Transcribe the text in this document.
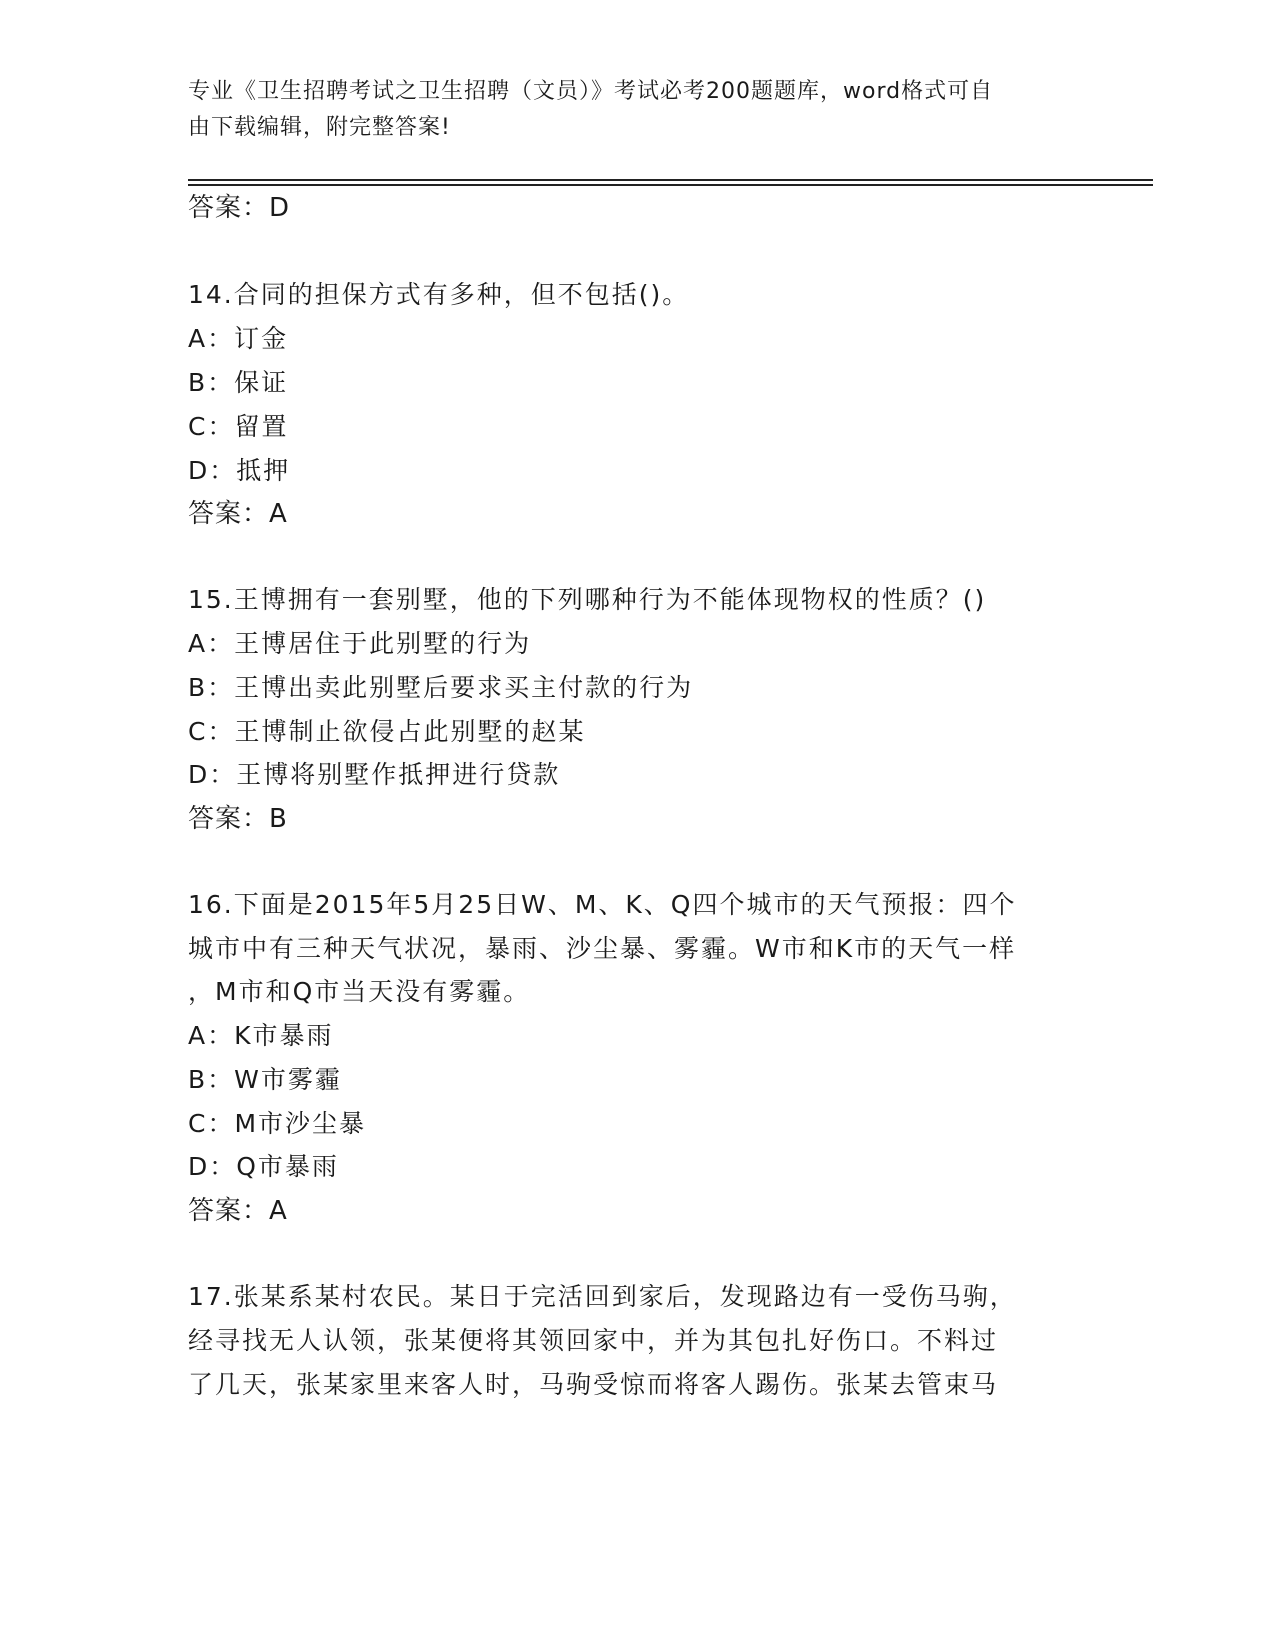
专业《卫生招聘考试之卫生招聘（文员）》考试必考200题题库，word格式可自
由下载编辑，附完整答案!
答案：D
14.合同的担保方式有多种，但不包括()。
A：订金
B：保证
C：留置
D：抵押
答案：A
15.王博拥有一套别墅，他的下列哪种行为不能体现物权的性质？()
A：王博居住于此别墅的行为
B：王博出卖此别墅后要求买主付款的行为
C：王博制止欲侵占此别墅的赵某
D：王博将别墅作抵押进行贷款
答案：B
16.下面是2015年5月25日W、M、K、Q四个城市的天气预报：四个
城市中有三种天气状况，暴雨、沙尘暴、雾霾。W市和K市的天气一样
，M市和Q市当天没有雾霾。
A：K市暴雨
B：W市雾霾
C：M市沙尘暴
D：Q市暴雨
答案：A
17.张某系某村农民。某日于完活回到家后，发现路边有一受伤马驹，
经寻找无人认领，张某便将其领回家中，并为其包扎好伤口。不料过
了几天，张某家里来客人时，马驹受惊而将客人踢伤。张某去管束马
